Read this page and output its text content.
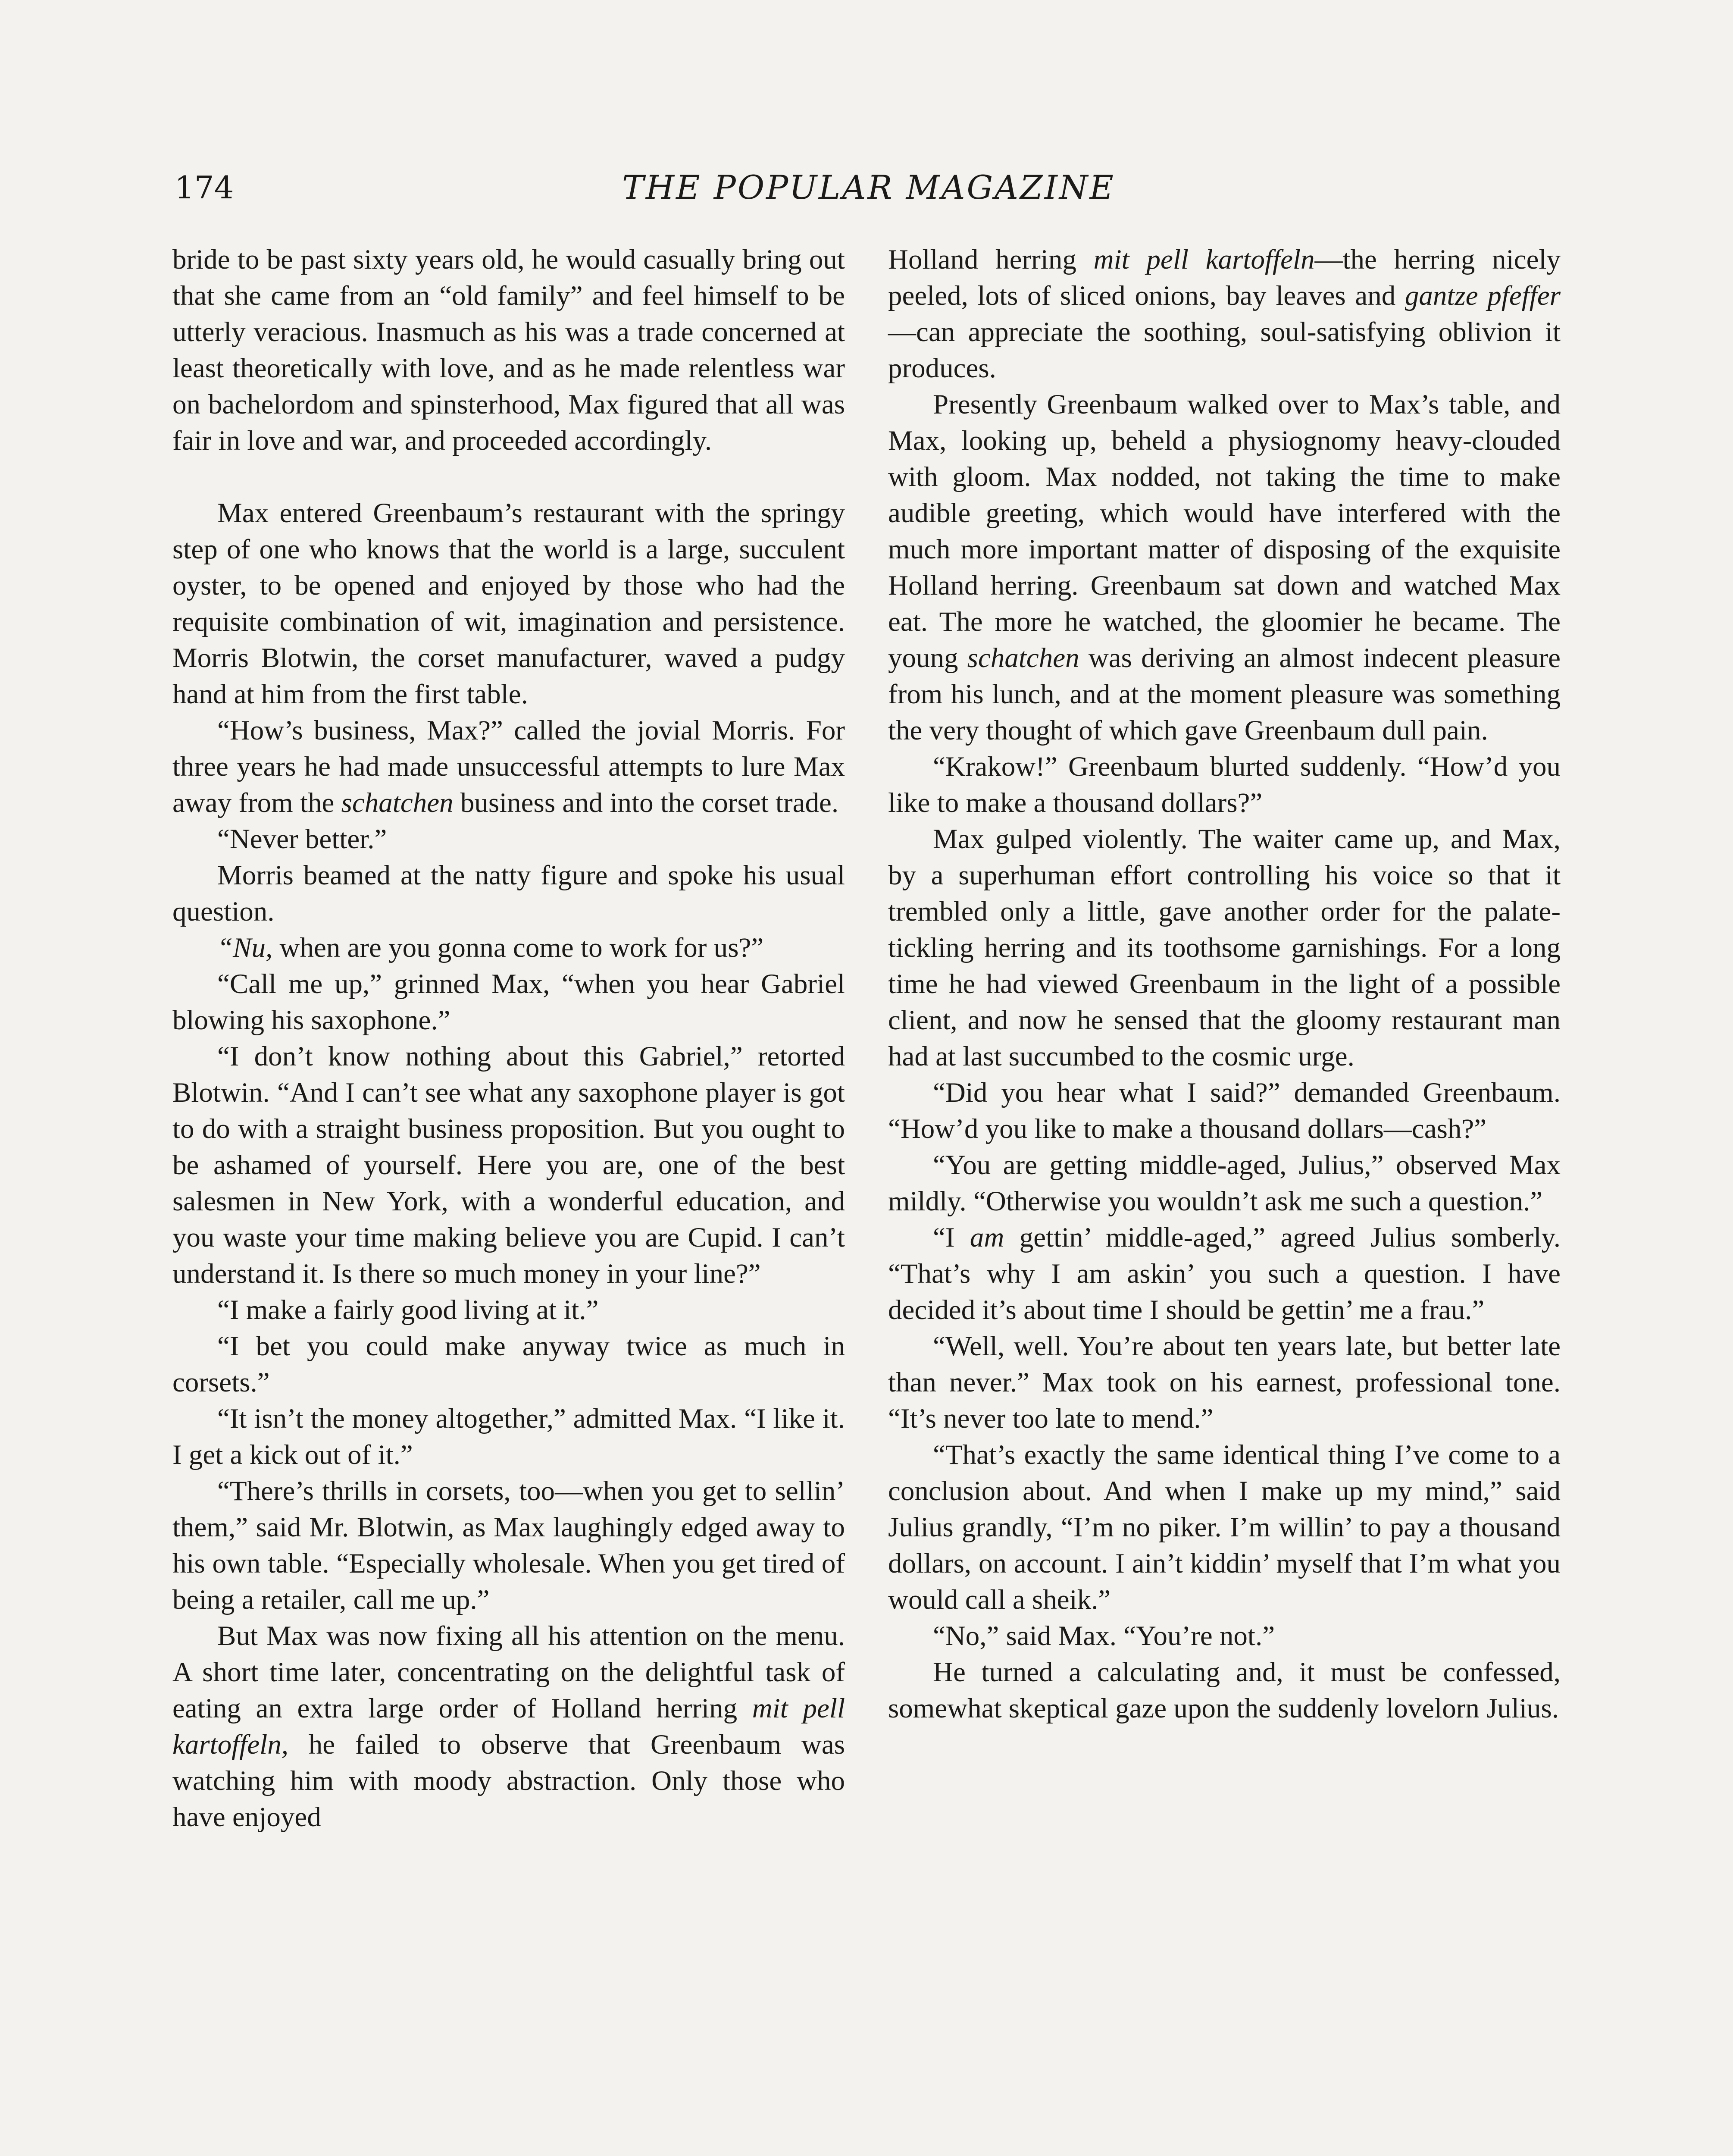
174	THE POPULAR MAGAZINE

bride to be past sixty years old, he would casually bring out that she came from an “old family” and feel himself to be utterly veracious. Inasmuch as his was a trade concerned at least theoretically with love, and as he made relentless war on bachelordom and spinsterhood, Max figured that all was fair in love and war, and proceeded accordingly.

Max entered Greenbaum’s restaurant with the springy step of one who knows that the world is a large, succulent oyster, to be opened and enjoyed by those who had the requisite combination of wit, imagination and persistence. Morris Blotwin, the corset manufacturer, waved a pudgy hand at him from the first table.

“How’s business, Max?” called the jovial Morris. For three years he had made unsuccessful attempts to lure Max away from the schatchen business and into the corset trade.

“Never better.”

Morris beamed at the natty figure and spoke his usual question.

“Nu, when are you gonna come to work for us?”

“Call me up,” grinned Max, “when you hear Gabriel blowing his saxophone.”

“I don’t know nothing about this Gabriel,” retorted Blotwin. “And I can’t see what any saxophone player is got to do with a straight business proposition. But you ought to be ashamed of yourself. Here you are, one of the best salesmen in New York, with a wonderful education, and you waste your time making believe you are Cupid. I can’t understand it. Is there so much money in your line?”

“I make a fairly good living at it.”

“I bet you could make anyway twice as much in corsets.”

“It isn’t the money altogether,” admitted Max. “I like it. I get a kick out of it.”

“There’s thrills in corsets, too—when you get to sellin’ them,” said Mr. Blotwin, as Max laughingly edged away to his own table. “Especially wholesale. When you get tired of being a retailer, call me up.”

But Max was now fixing all his attention on the menu. A short time later, concentrating on the delightful task of eating an extra large order of Holland herring mit pell kartoffeln, he failed to observe that Greenbaum was watching him with moody abstraction. Only those who have enjoyed

Holland herring mit pell kartoffeln—the herring nicely peeled, lots of sliced onions, bay leaves and gantze pfeffer—can appreciate the soothing, soul-satisfying oblivion it produces.

Presently Greenbaum walked over to Max’s table, and Max, looking up, beheld a physiognomy heavy-clouded with gloom. Max nodded, not taking the time to make audible greeting, which would have interfered with the much more important matter of disposing of the exquisite Holland herring. Greenbaum sat down and watched Max eat. The more he watched, the gloomier he became. The young schatchen was deriving an almost indecent pleasure from his lunch, and at the moment pleasure was something the very thought of which gave Greenbaum dull pain.

“Krakow!” Greenbaum blurted suddenly. “How’d you like to make a thousand dollars?”

Max gulped violently. The waiter came up, and Max, by a superhuman effort controlling his voice so that it trembled only a little, gave another order for the palate-tickling herring and its toothsome garnishings. For a long time he had viewed Greenbaum in the light of a possible client, and now he sensed that the gloomy restaurant man had at last succumbed to the cosmic urge.

“Did you hear what I said?” demanded Greenbaum. “How’d you like to make a thousand dollars—cash?”

“You are getting middle-aged, Julius,” observed Max mildly. “Otherwise you wouldn’t ask me such a question.”

“I am gettin’ middle-aged,” agreed Julius somberly. “That’s why I am askin’ you such a question. I have decided it’s about time I should be gettin’ me a frau.”

“Well, well. You’re about ten years late, but better late than never.” Max took on his earnest, professional tone. “It’s never too late to mend.”

“That’s exactly the same identical thing I’ve come to a conclusion about. And when I make up my mind,” said Julius grandly, “I’m no piker. I’m willin’ to pay a thousand dollars, on account. I ain’t kiddin’ myself that I’m what you would call a sheik.”

“No,” said Max. “You’re not.”

He turned a calculating and, it must be confessed, somewhat skeptical gaze upon the suddenly lovelorn Julius.
